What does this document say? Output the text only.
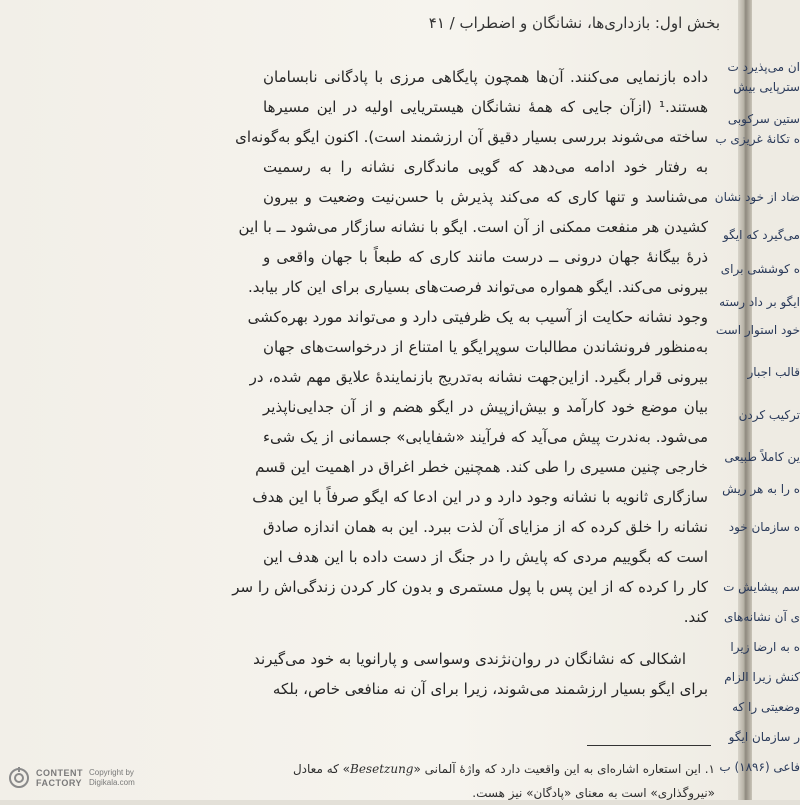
بخش اول: بازداری‌ها، نشانگان و اضطراب / ۴۱
داده بازنمایی می‌کنند. آن‌ها همچون پایگاهی مرزی با پادگانی نابسامان
هستند.¹ (ازآن جایی که همهٔ نشانگان هیستریایی اولیه در این مسیرها
ساخته می‌شوند بررسی بسیار دقیق آن ارزشمند است). اکنون ایگو به‌گونه‌ای
به رفتار خود ادامه می‌دهد که گویی ماندگاری نشانه را به رسمیت
می‌شناسد و تنها کاری که می‌کند پذیرش با حسن‌نیت وضعیت و بیرون
کشیدن هر منفعت ممکنی از آن است. ایگو با نشانه سازگار می‌شود ــ با این
ذرهٔ بیگانهٔ جهان درونی ــ درست مانند کاری که طبعاً با جهان واقعی و
بیرونی می‌کند. ایگو همواره می‌تواند فرصت‌های بسیاری برای این کار بیابد.
وجود نشانه حکایت از آسیب به یک ظرفیتی دارد و می‌تواند مورد بهره‌کشی
به‌منظور فرونشاندن مطالبات سوپرایگو یا امتناع از درخواست‌های جهان
بیرونی قرار بگیرد. ازاین‌جهت نشانه به‌تدریج بازنمایندهٔ علایق مهم شده، در
بیان موضع خود کارآمد و بیش‌ازپیش در ایگو هضم و از آن جدایی‌ناپذیر
می‌شود. به‌ندرت پیش می‌آید که فرآیند «شفایابی» جسمانی از یک شیء
خارجی چنین مسیری را طی کند. همچنین خطر اغراق در اهمیت این قسم
سازگاری ثانویه با نشانه وجود دارد و در این ادعا که ایگو صرفاً با این هدف
نشانه را خلق کرده که از مزایای آن لذت ببرد. این به همان اندازه صادق
است که بگوییم مردی که پایش را در جنگ از دست داده با این هدف این
کار را کرده که از این پس با پول مستمری و بدون کار کردن زندگی‌اش را سر
کند.
اشکالی که نشانگان در روان‌نژندی وسواسی و پارانویا به خود می‌گیرند
برای ایگو بسیار ارزشمند می‌شوند، زیرا برای آن نه منافعی خاص، بلکه
۱. این استعاره اشاره‌ای به این واقعیت دارد که واژهٔ آلمانی «Besetzung» که معادل
«نیروگذاری» است به معنای «پادگان» نیز هست.
CONTENT
FACTORY
Copyright by
Digikala.com
ان می‌پذیرد ت
سترپایی بیش
ستین سرکوبی
ه تکانهٔ غریزی ب
ضاد از خود نشان
می‌گیرد که ایگو
ه کوششی برای
ایگو بر داد رسته
خود استوار است
قالب اجبار
ترکیب کردن
ین کاملاً طبیعی
ه را به هر ریش
ه سازمان خود
سم پیشایش ت
ی آن نشانه‌های
ه به ارضا زیرا
کنش زیرا الزام
وضعیتی را که
ر سازمان ایگو
فاعی (۱۸۹۶) ب
